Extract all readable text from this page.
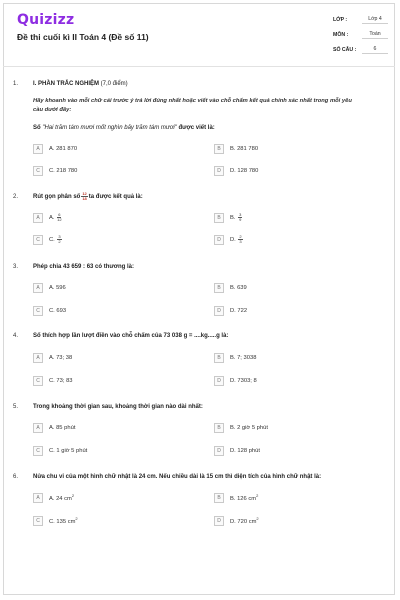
Quizizz
Đề thi cuối kì II Toán 4 (Đề số 11)
LỚP :	Lớp 4
MÔN :	Toán
SỐ CÂU :	6
1. I. PHẦN TRẮC NGHIỆM (7,0 điểm)
Hãy khoanh vào mỗi chữ cái trước ý trả lời đúng nhất hoặc viết vào chỗ chấm kết quả chính xác nhất trong mỗi yêu cầu dưới đây:
Số "Hai trăm tám mươi mốt nghìn bảy trăm tám mươi" được viết là:
A	A. 281 870	B	B. 281 780
C	C. 218 780	D	D. 128 780
2. Rút gọn phân số $\frac{12}{18}$ ta được kết quả là:
A	A. $\frac{6}{12}$	B	B. $\frac{3}{9}$
C	C. $\frac{3}{2}$	D	D. $\frac{2}{3}$
3. Phép chia 43 659 : 63 có thương là:
A	A. 596	B	B. 639
C	C. 693	D	D. 722
4. Số thích hợp lần lượt điền vào chỗ chấm của 73 038 g = ....kg.....g là:
A	A. 73; 38	B	B. 7; 3038
C	C. 73; 83	D	D. 7303; 8
5. Trong khoảng thời gian sau, khoảng thời gian nào dài nhất:
A	A. 85 phút	B	B. 2 giờ 5 phút
C	C. 1 giờ 5 phút	D	D. 128 phút
6. Nửa chu vi của một hình chữ nhật là 24 cm. Nếu chiều dài là 15 cm thì diện tích của hình chữ nhật là:
A	A. 24 $cm^2$	B	B. 126 $cm^2$
C	C. 135 $cm^2$	D	D. 720 $cm^2$
